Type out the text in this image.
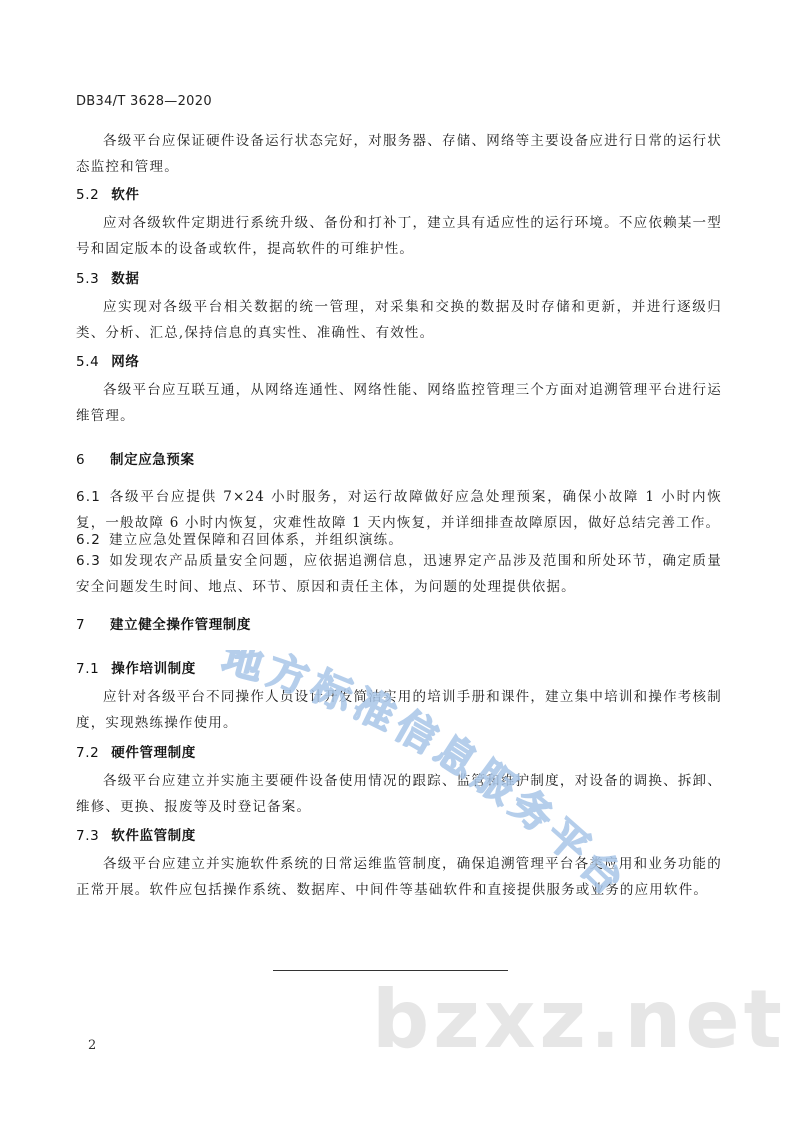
DB34/T 3628—2020

各级平台应保证硬件设备运行状态完好，对服务器、存储、网络等主要设备应进行日常的运行状态监控和管理。

5.2 软件

应对各级软件定期进行系统升级、备份和打补丁，建立具有适应性的运行环境。不应依赖某一型号和固定版本的设备或软件，提高软件的可维护性。

5.3 数据

应实现对各级平台相关数据的统一管理，对采集和交换的数据及时存储和更新，并进行逐级归类、分析、汇总,保持信息的真实性、准确性、有效性。

5.4 网络

各级平台应互联互通，从网络连通性、网络性能、网络监控管理三个方面对追溯管理平台进行运维管理。

6 制定应急预案

6.1 各级平台应提供 7×24 小时服务，对运行故障做好应急处理预案，确保小故障 1 小时内恢复，一般故障 6 小时内恢复，灾难性故障 1 天内恢复，并详细排查故障原因，做好总结完善工作。

6.2 建立应急处置保障和召回体系，并组织演练。

6.3 如发现农产品质量安全问题，应依据追溯信息，迅速界定产品涉及范围和所处环节，确定质量安全问题发生时间、地点、环节、原因和责任主体，为问题的处理提供依据。

7 建立健全操作管理制度
7.1 操作培训制度

应针对各级平台不同操作人员设计开发简洁实用的培训手册和课件，建立集中培训和操作考核制度，实现熟练操作使用。

7.2 硬件管理制度

各级平台应建立并实施主要硬件设备使用情况的跟踪、监管和维护制度，对设备的调换、拆卸、维修、更换、报废等及时登记备案。

7.3 软件监管制度

各级平台应建立并实施软件系统的日常运维监管制度，确保追溯管理平台各类应用和业务功能的正常开展。软件应包括操作系统、数据库、中间件等基础软件和直接提供服务或业务的应用软件。

2
地方标准信息服务平台
bzxz.net
